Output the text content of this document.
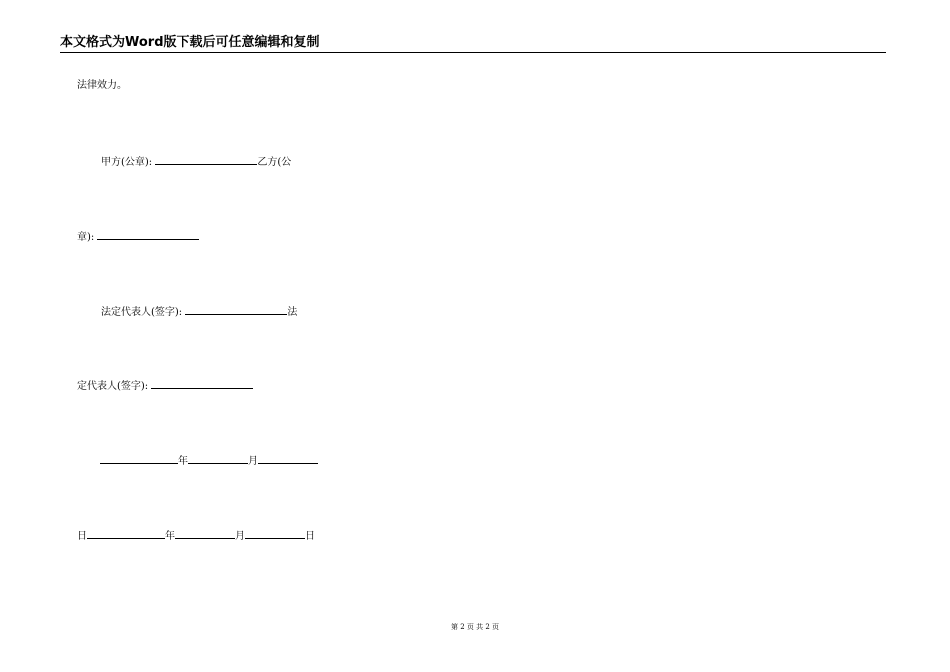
本文格式为Word版下载后可任意编辑和复制
法律效力。
甲方(公章):	乙方(公
章):
法定代表人(签字):	法
定代表人(签字):
年	月
日	年	月	日
第 2 页 共 2 页
